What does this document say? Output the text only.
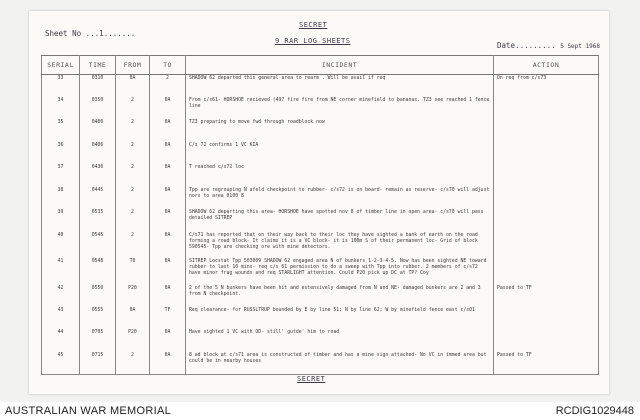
SECRET
Sheet No ...1.......
9 RAR LOG SHEETS	Date......... 5 Sept 1968
SERIAL	TIME	FROM	TO	INCIDENT	ACTION
33	0310	0A	2	SHADOW 62 departed this general area to rearm . Will be avail if req	On req from c/s73
34	0350	2	0A	From c/s61- HORSHOE recieved (497 fire fire from NE corner minefield to bananas. TZ3 see reached 1 fence line	
35	0400	2	0A	TZ3 preparing to move fwd through roadblock now	
36	0406	2	0A	C/s 72 confirms 1 VC KIA	
37	0430	2	0A	T reached c/s72 loc	
38	0445	2	0A	Tpp are regrouping N afeld checkpoint to rubber- c/s72 is on board- remain as reserve- c/s70 will adjust nors to area 0100 8	
39	0535	2	0A	SHADOW 62 departing this area- HORSHOE have spotted nov 8 of timber line in open area- c/s70 will pass detailed SITREP	
40	0545	2	0A	C/s71 has reported that on their way back to their loc they have sighted a bank of earth on the road forming a road block- It claims it is a VC block- it is 100m S of their permanent loc- Grid of block 590545- Tpp are checking ore with mine detectors.	
41	0548	T0	0A	SITREP Locstat Tpp 503009 SHADOW 62 engaged area N of bunkers 1-2-3-4-5. Now has been sighted NE toward rubber to last 10 mins- req c/s 61 permission to do a sweep with Tpp into rubber. 2 members of c/s72 have minor frag wounds and req STARLIGHT attention. Could P20 pick up DC at TP? Coy	
42	0550	P20	0A	2 of the 5 N bunkers have been hit and extensively damaged from N and NE- damaged bunkers are 2 and 3 from N checkpoint.	Passed to TF
43	0555	0A	TF	Req clearance- for RUSSLTRUP bounded by E by line 51; N by line 62; W by minefield fence east c/s01	
44	0705	P20	0A	Have sighted 1 VC with OD- still' gutde' him to road	
45	0715	2	0A	8 ad block at c/s71 area is constructed of timber and has a mine sign attached- No VC in immed area but could be in nearby houses	Passed to TF
SECRET
AUSTRALIAN WAR MEMORIAL	RCDIG1029448
